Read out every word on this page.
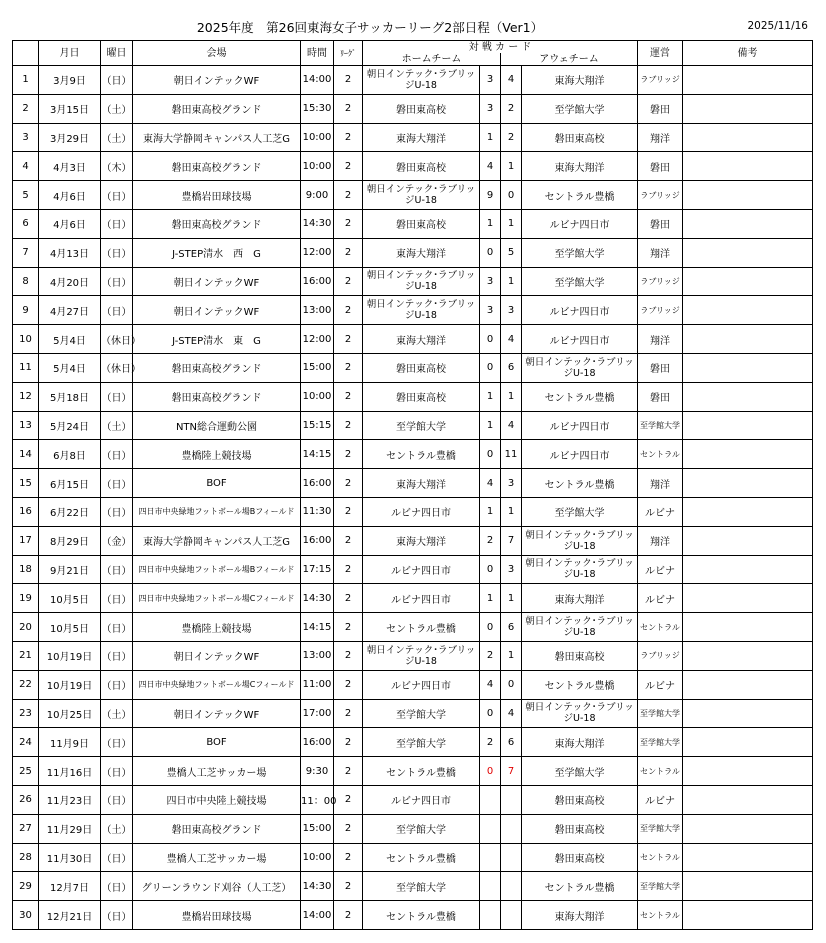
2025年度　第26回東海女子サッカーリーグ2部日程（Ver1）	2025/11/16
	月日	曜日	会場	時間	ﾘｰｸﾞ	対 戦 カ ー ド				運営	備考
						ホームチーム		アウェチーム			
1	3月9日	（日）	朝日インテックWF	14:00	2	朝日インテック･ラブリッジU-18	3	4	東海大翔洋	ラブリッジ	
2	3月15日	（土）	磐田東高校グランド	15:30	2	磐田東高校	3	2	至学館大学	磐田	
3	3月29日	（土）	東海大学静岡キャンパス人工芝G	10:00	2	東海大翔洋	1	2	磐田東高校	翔洋	
4	4月3日	（木）	磐田東高校グランド	10:00	2	磐田東高校	4	1	東海大翔洋	磐田	
5	4月6日	（日）	豊橋岩田球技場	9:00	2	朝日インテック･ラブリッジU-18	9	0	セントラル豊橋	ラブリッジ	
6	4月6日	（日）	磐田東高校グランド	14:30	2	磐田東高校	1	1	ルビナ四日市	磐田	
7	4月13日	（日）	J-STEP清水　西　G	12:00	2	東海大翔洋	0	5	至学館大学	翔洋	
8	4月20日	（日）	朝日インテックWF	16:00	2	朝日インテック･ラブリッジU-18	3	1	至学館大学	ラブリッジ	
9	4月27日	（日）	朝日インテックWF	13:00	2	朝日インテック･ラブリッジU-18	3	3	ルビナ四日市	ラブリッジ	
10	5月4日	（休日）	J-STEP清水　東　G	12:00	2	東海大翔洋	0	4	ルビナ四日市	翔洋	
11	5月4日	（休日）	磐田東高校グランド	15:00	2	磐田東高校	0	6	朝日インテック･ラブリッジU-18	磐田	
12	5月18日	（日）	磐田東高校グランド	10:00	2	磐田東高校	1	1	セントラル豊橋	磐田	
13	5月24日	（土）	NTN総合運動公園	15:15	2	至学館大学	1	4	ルビナ四日市	至学館大学	
14	6月8日	（日）	豊橋陸上競技場	14:15	2	セントラル豊橋	0	11	ルビナ四日市	セントラル	
15	6月15日	（日）	BOF	16:00	2	東海大翔洋	4	3	セントラル豊橋	翔洋	
16	6月22日	（日）	四日市中央緑地フットボール場Bフィールド	11:30	2	ルビナ四日市	1	1	至学館大学	ルビナ	
17	8月29日	（金）	東海大学静岡キャンパス人工芝G	16:00	2	東海大翔洋	2	7	朝日インテック･ラブリッジU-18	翔洋	
18	9月21日	（日）	四日市中央緑地フットボール場Bフィールド	17:15	2	ルビナ四日市	0	3	朝日インテック･ラブリッジU-18	ルビナ	
19	10月5日	（日）	四日市中央緑地フットボール場Cフィールド	14:30	2	ルビナ四日市	1	1	東海大翔洋	ルビナ	
20	10月5日	（日）	豊橋陸上競技場	14:15	2	セントラル豊橋	0	6	朝日インテック･ラブリッジU-18	セントラル	
21	10月19日	（日）	朝日インテックWF	13:00	2	朝日インテック･ラブリッジU-18	2	1	磐田東高校	ラブリッジ	
22	10月19日	（日）	四日市中央緑地フットボール場Cフィールド	11:00	2	ルビナ四日市	4	0	セントラル豊橋	ルビナ	
23	10月25日	（土）	朝日インテックWF	17:00	2	至学館大学	0	4	朝日インテック･ラブリッジU-18	至学館大学	
24	11月9日	（日）	BOF	16:00	2	至学館大学	2	6	東海大翔洋	至学館大学	
25	11月16日	（日）	豊橋人工芝サッカー場	9:30	2	セントラル豊橋	0	7	至学館大学	セントラル	
26	11月23日	（日）	四日市中央陸上競技場	11：00	2	ルビナ四日市			磐田東高校	ルビナ	
27	11月29日	（土）	磐田東高校グランド	15:00	2	至学館大学			磐田東高校	至学館大学	
28	11月30日	（日）	豊橋人工芝サッカー場	10:00	2	セントラル豊橋			磐田東高校	セントラル	
29	12月7日	（日）	グリーンラウンド刈谷（人工芝）	14:30	2	至学館大学			セントラル豊橋	至学館大学	
30	12月21日	（日）	豊橋岩田球技場	14:00	2	セントラル豊橋			東海大翔洋	セントラル	
